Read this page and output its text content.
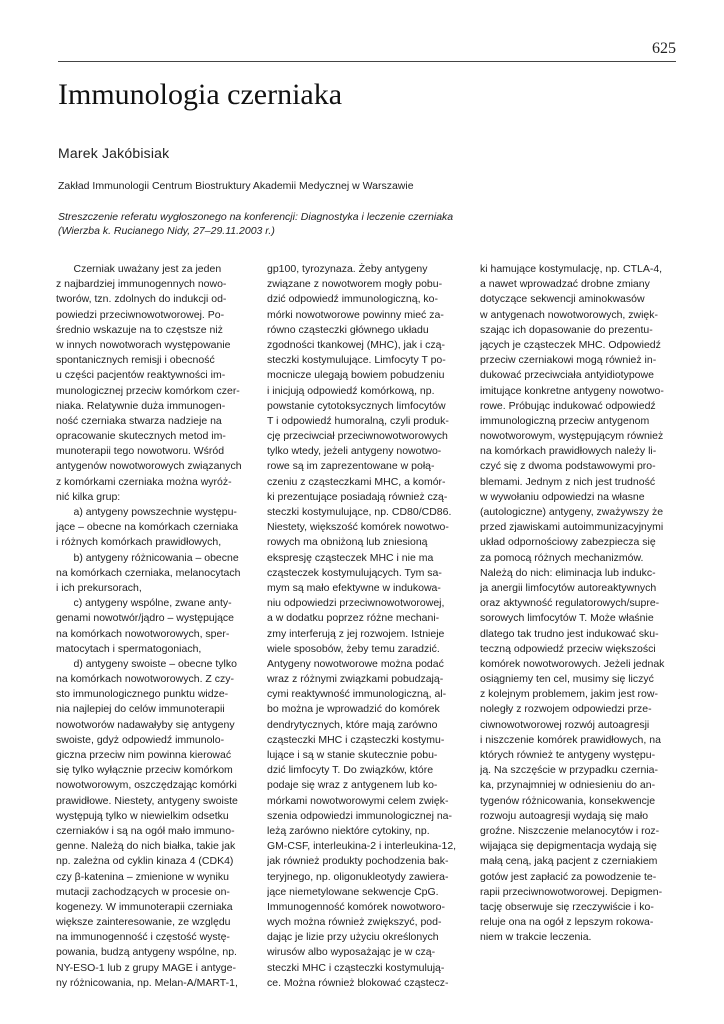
625
Immunologia czerniaka
Marek Jakóbisiak
Zakład Immunologii Centrum Biostruktury Akademii Medycznej w Warszawie
Streszczenie referatu wygłoszonego na konferencji: Diagnostyka i leczenie czerniaka
(Wierzba k. Rucianego Nidy, 27–29.11.2003 r.)
Czerniak uważany jest za jeden
z najbardziej immunogennych nowo-
tworów, tzn. zdolnych do indukcji od-
powiedzi przeciwnowotworowej. Po-
średnio wskazuje na to częstsze niż
w innych nowotworach występowanie
spontanicznych remisji i obecność
u części pacjentów reaktywności im-
munologicznej przeciw komórkom czer-
niaka. Relatywnie duża immunogen-
ność czerniaka stwarza nadzieje na
opracowanie skutecznych metod im-
munoterapii tego nowotworu. Wśród
antygenów nowotworowych związanych
z komórkami czerniaka można wyróż-
nić kilka grup:
a) antygeny powszechnie występu-
jące – obecne na komórkach czerniaka
i różnych komórkach prawidłowych,
b) antygeny różnicowania – obecne
na komórkach czerniaka, melanocytach
i ich prekursorach,
c) antygeny wspólne, zwane anty-
genami nowotwór/jądro – występujące
na komórkach nowotworowych, sper-
matocytach i spermatogoniach,
d) antygeny swoiste – obecne tylko
na komórkach nowotworowych. Z czy-
sto immunologicznego punktu widze-
nia najlepiej do celów immunoterapii
nowotworów nadawałyby się antygeny
swoiste, gdyż odpowiedź immunolo-
giczna przeciw nim powinna kierować
się tylko wyłącznie przeciw komórkom
nowotworowym, oszczędzając komórki
prawidłowe. Niestety, antygeny swoiste
występują tylko w niewielkim odsetku
czerniaków i są na ogół mało immuno-
genne. Należą do nich białka, takie jak
np. zależna od cyklin kinaza 4 (CDK4)
czy β-katenina – zmienione w wyniku
mutacji zachodzących w procesie on-
kogenezy. W immunoterapii czerniaka
większe zainteresowanie, ze względu
na immunogenność i częstość wystę-
powania, budzą antygeny wspólne, np.
NY-ESO-1 lub z grupy MAGE i antyge-
ny różnicowania, np. Melan-A/MART-1,
gp100, tyrozynaza. Żeby antygeny
związane z nowotworem mogły pobu-
dzić odpowiedź immunologiczną, ko-
mórki nowotworowe powinny mieć za-
równo cząsteczki głównego układu
zgodności tkankowej (MHC), jak i czą-
steczki kostymulujące. Limfocyty T po-
mocnicze ulegają bowiem pobudzeniu
i inicjują odpowiedź komórkową, np.
powstanie cytotoksycznych limfocytów
T i odpowiedź humoralną, czyli produk-
cję przeciwciał przeciwnowotworowych
tylko wtedy, jeżeli antygeny nowotwo-
rowe są im zaprezentowane w połą-
czeniu z cząsteczkami MHC, a komór-
ki prezentujące posiadają również czą-
steczki kostymulujące, np. CD80/CD86.
Niestety, większość komórek nowotwo-
rowych ma obniżoną lub zniesioną
ekspresję cząsteczek MHC i nie ma
cząsteczek kostymulujących. Tym sa-
mym są mało efektywne w indukowa-
niu odpowiedzi przeciwnowotworowej,
a w dodatku poprzez różne mechani-
zmy interferują z jej rozwojem. Istnieje
wiele sposobów, żeby temu zaradzić.
Antygeny nowotworowe można podać
wraz z różnymi związkami pobudzają-
cymi reaktywność immunologiczną, al-
bo można je wprowadzić do komórek
dendrytycznych, które mają zarówno
cząsteczki MHC i cząsteczki kostymu-
lujące i są w stanie skutecznie pobu-
dzić limfocyty T. Do związków, które
podaje się wraz z antygenem lub ko-
mórkami nowotworowymi celem zwięk-
szenia odpowiedzi immunologicznej na-
leżą zarówno niektóre cytokiny, np.
GM-CSF, interleukina-2 i interleukina-12,
jak również produkty pochodzenia bak-
teryjnego, np. oligonukleotydy zawiera-
jące niemetylowane sekwencje CpG.
Immunogenność komórek nowotworo-
wych można również zwiększyć, pod-
dając je lizie przy użyciu określonych
wirusów albo wyposażając je w czą-
steczki MHC i cząsteczki kostymulują-
ce. Można również blokować cząstecz-
ki hamujące kostymulację, np. CTLA-4,
a nawet wprowadzać drobne zmiany
dotyczące sekwencji aminokwasów
w antygenach nowotworowych, zwięk-
szając ich dopasowanie do prezentu-
jących je cząsteczek MHC. Odpowiedź
przeciw czerniakowi mogą również in-
dukować przeciwciała antyidiotypowe
imitujące konkretne antygeny nowotwo-
rowe. Próbując indukować odpowiedź
immunologiczną przeciw antygenom
nowotworowym, występującym również
na komórkach prawidłowych należy li-
czyć się z dwoma podstawowymi pro-
blemami. Jednym z nich jest trudność
w wywołaniu odpowiedzi na własne
(autologiczne) antygeny, zważywszy że
przed zjawiskami autoimmunizacyjnymi
układ odpornościowy zabezpiecza się
za pomocą różnych mechanizmów.
Należą do nich: eliminacja lub indukc-
ja anergii limfocytów autoreaktywnych
oraz aktywność regulatorowych/supre-
sorowych limfocytów T. Może właśnie
dlatego tak trudno jest indukować sku-
teczną odpowiedź przeciw większości
komórek nowotworowych. Jeżeli jednak
osiągniemy ten cel, musimy się liczyć
z kolejnym problemem, jakim jest row-
noległy z rozwojem odpowiedzi prze-
ciwnowotworowej rozwój autoagresji
i niszczenie komórek prawidłowych, na
których również te antygeny występu-
ją. Na szczęście w przypadku czernia-
ka, przynajmniej w odniesieniu do an-
tygenów różnicowania, konsekwencje
rozwoju autoagresji wydają się mało
groźne. Niszczenie melanocytów i roz-
wijająca się depigmentacja wydają się
małą ceną, jaką pacjent z czerniakiem
gotów jest zapłacić za powodzenie te-
rapii przeciwnowotworowej. Depigmen-
tację obserwuje się rzeczywiście i ko-
reluje ona na ogół z lepszym rokowa-
niem w trakcie leczenia.
